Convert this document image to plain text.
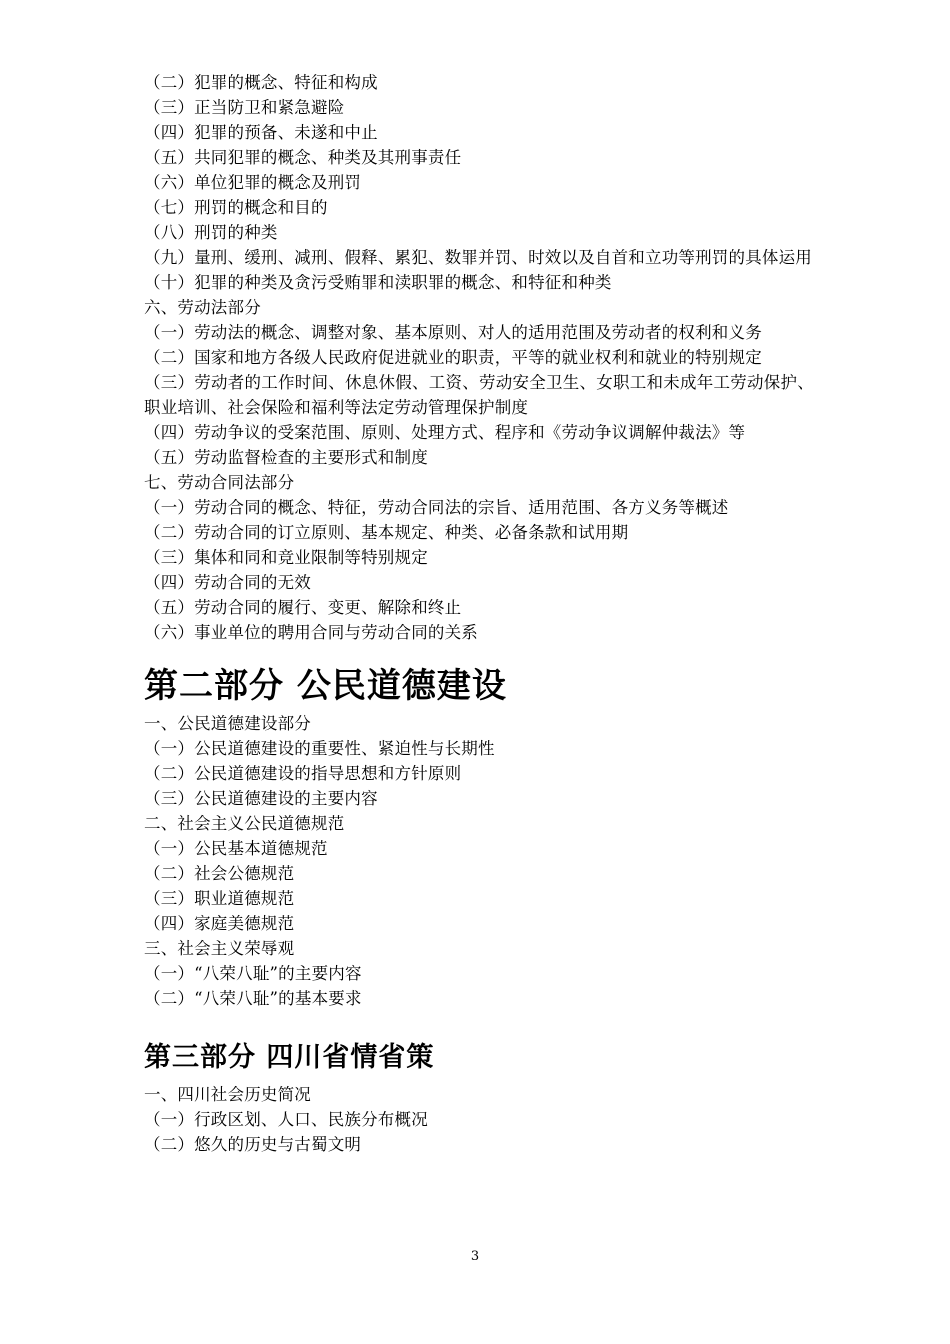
（二）犯罪的概念、特征和构成
（三）正当防卫和紧急避险
（四）犯罪的预备、未遂和中止
（五）共同犯罪的概念、种类及其刑事责任
（六）单位犯罪的概念及刑罚
（七）刑罚的概念和目的
（八）刑罚的种类
（九）量刑、缓刑、减刑、假释、累犯、数罪并罚、时效以及自首和立功等刑罚的具体运用
（十）犯罪的种类及贪污受贿罪和渎职罪的概念、和特征和种类
六、劳动法部分
（一）劳动法的概念、调整对象、基本原则、对人的适用范围及劳动者的权利和义务
（二）国家和地方各级人民政府促进就业的职责，平等的就业权利和就业的特别规定
（三）劳动者的工作时间、休息休假、工资、劳动安全卫生、女职工和未成年工劳动保护、职业培训、社会保险和福利等法定劳动管理保护制度
（四）劳动争议的受案范围、原则、处理方式、程序和《劳动争议调解仲裁法》等
（五）劳动监督检查的主要形式和制度
七、劳动合同法部分
（一）劳动合同的概念、特征，劳动合同法的宗旨、适用范围、各方义务等概述
（二）劳动合同的订立原则、基本规定、种类、必备条款和试用期
（三）集体和同和竞业限制等特别规定
（四）劳动合同的无效
（五）劳动合同的履行、变更、解除和终止
（六）事业单位的聘用合同与劳动合同的关系
第二部分 公民道德建设
一、公民道德建设部分
（一）公民道德建设的重要性、紧迫性与长期性
（二）公民道德建设的指导思想和方针原则
（三）公民道德建设的主要内容
二、社会主义公民道德规范
（一）公民基本道德规范
（二）社会公德规范
（三）职业道德规范
（四）家庭美德规范
三、社会主义荣辱观
（一）“八荣八耻”的主要内容
（二）“八荣八耻”的基本要求
第三部分 四川省情省策
一、四川社会历史简况
（一）行政区划、人口、民族分布概况
（二）悠久的历史与古蜀文明
3
